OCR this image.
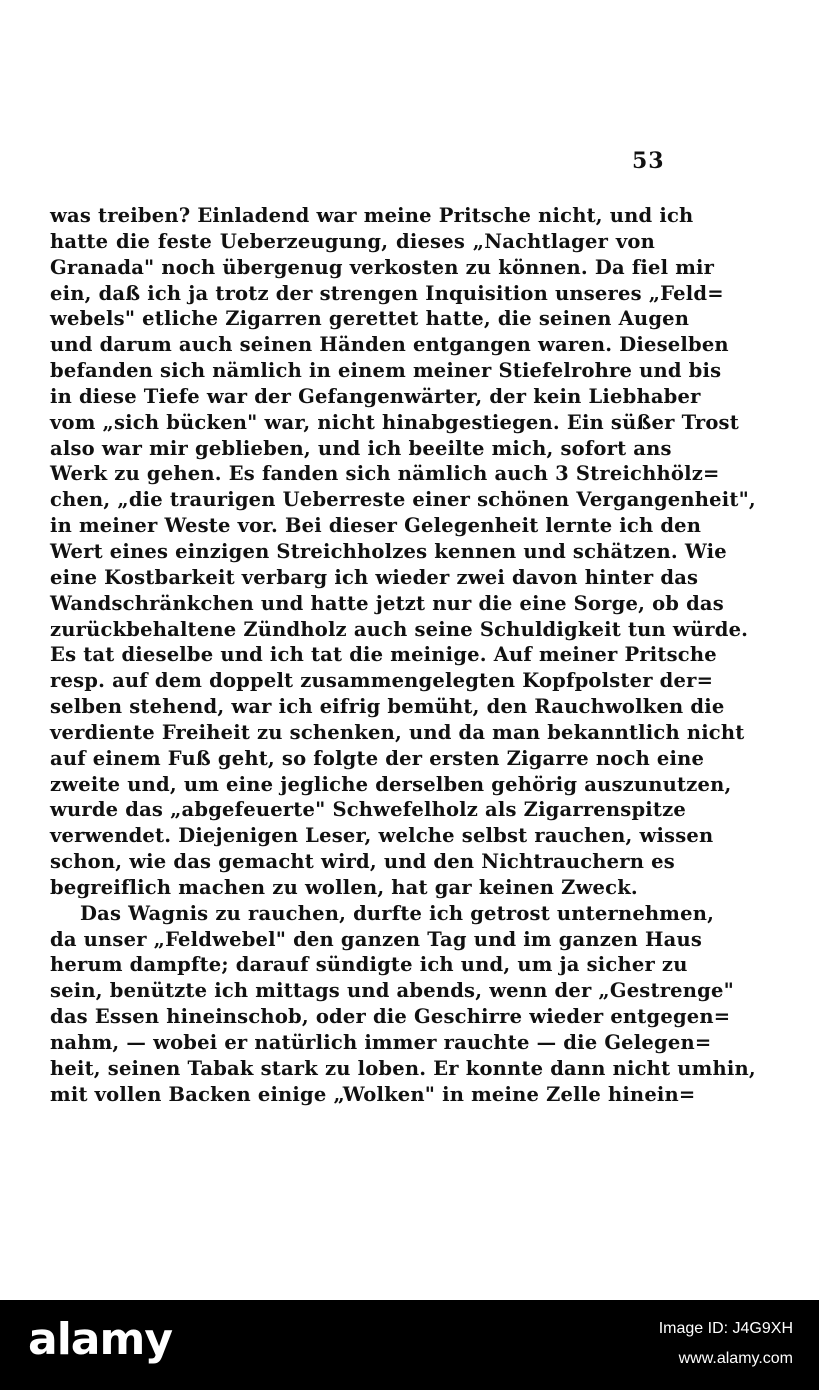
53
was treiben? Einladend war meine Pritsche nicht, und ich
hatte die feste Ueberzeugung, dieses „Nachtlager von
Granada" noch übergenug verkosten zu können. Da fiel mir
ein, daß ich ja trotz der strengen Inquisition unseres „Feld=
webels" etliche Zigarren gerettet hatte, die seinen Augen
und darum auch seinen Händen entgangen waren. Dieselben
befanden sich nämlich in einem meiner Stiefelrohre und bis
in diese Tiefe war der Gefangenwärter, der kein Liebhaber
vom „sich bücken" war, nicht hinabgestiegen. Ein süßer Trost
also war mir geblieben, und ich beeilte mich, sofort ans
Werk zu gehen. Es fanden sich nämlich auch 3 Streichhölz=
chen, „die traurigen Ueberreste einer schönen Vergangenheit",
in meiner Weste vor. Bei dieser Gelegenheit lernte ich den
Wert eines einzigen Streichholzes kennen und schätzen. Wie
eine Kostbarkeit verbarg ich wieder zwei davon hinter das
Wandschränkchen und hatte jetzt nur die eine Sorge, ob das
zurückbehaltene Zündholz auch seine Schuldigkeit tun würde.
Es tat dieselbe und ich tat die meinige. Auf meiner Pritsche
resp. auf dem doppelt zusammengelegten Kopfpolster der=
selben stehend, war ich eifrig bemüht, den Rauchwolken die
verdiente Freiheit zu schenken, und da man bekanntlich nicht
auf einem Fuß geht, so folgte der ersten Zigarre noch eine
zweite und, um eine jegliche derselben gehörig auszunutzen,
wurde das „abgefeuerte" Schwefelholz als Zigarrenspitze
verwendet. Diejenigen Leser, welche selbst rauchen, wissen
schon, wie das gemacht wird, und den Nichtrauchern es
begreiflich machen zu wollen, hat gar keinen Zweck.
Das Wagnis zu rauchen, durfte ich getrost unternehmen,
da unser „Feldwebel" den ganzen Tag und im ganzen Haus
herum dampfte; darauf sündigte ich und, um ja sicher zu
sein, benützte ich mittags und abends, wenn der „Gestrenge"
das Essen hineinschob, oder die Geschirre wieder entgegen=
nahm, — wobei er natürlich immer rauchte — die Gelegen=
heit, seinen Tabak stark zu loben. Er konnte dann nicht umhin,
mit vollen Backen einige „Wolken" in meine Zelle hinein=
alamy	Image ID: J4G9XH
www.alamy.com
